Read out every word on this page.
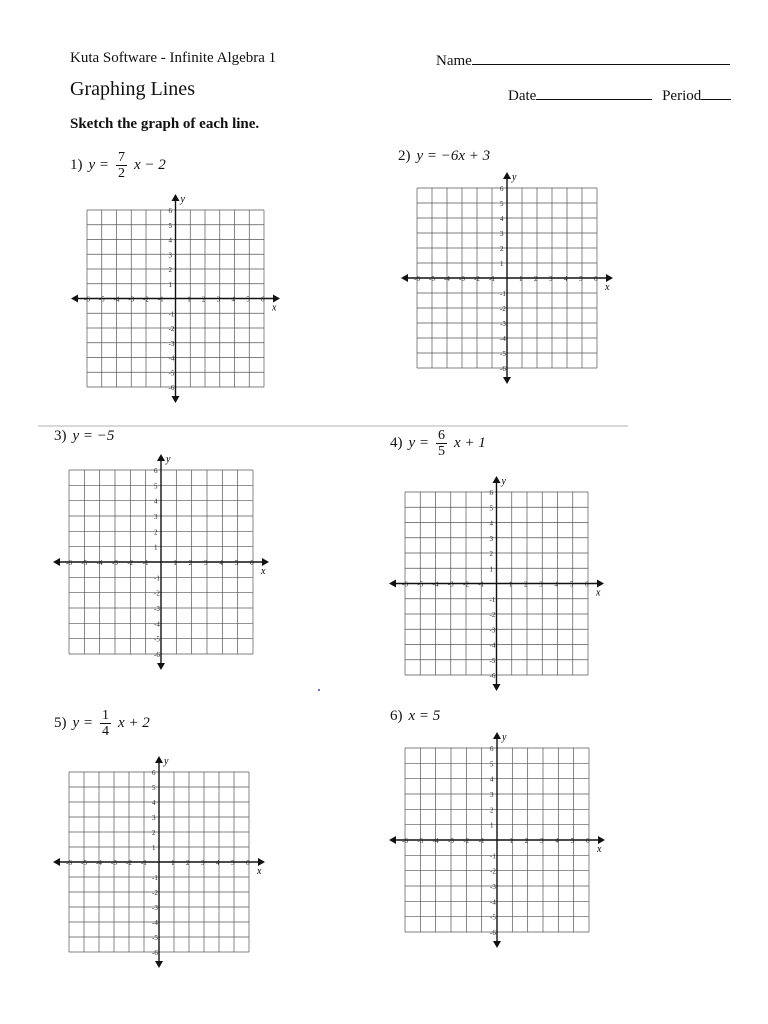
Kuta Software - Infinite Algebra 1	Name
Graphing Lines	Date	Period
Sketch the graph of each line.
1) $y = \frac{7}{2}$ x − 2
2) y = −6x + 3
3) y = −5	4) $y = \frac{6}{5}$ x + 1
5) $y = \frac{1}{4}$ x + 2	6) x = 5
x
y
-6
-6
-5
-5
-4
-4
-3
-3
-2
-2
-1
-1
1
1
2
2
3
3
4
4
5
5
6
6
x
y
-6
-6
-5
-5
-4
-4
-3
-3
-2
-2
-1
-1
1
1
2
2
3
3
4
4
5
5
6
6
x
y
-6
-6
-5
-5
-4
-4
-3
-3
-2
-2
-1
-1
1
1
2
2
3
3
4
4
5
5
6
6
x
y
-6
-6
-5
-5
-4
-4
-3
-3
-2
-2
-1
-1
1
1
2
2
3
3
4
4
5
5
6
6
x
y
-6
-6
-5
-5
-4
-4
-3
-3
-2
-2
-1
-1
1
1
2
2
3
3
4
4
5
5
6
6
x
y
-6
-6
-5
-5
-4
-4
-3
-3
-2
-2
-1
-1
1
1
2
2
3
3
4
4
5
5
6
6
